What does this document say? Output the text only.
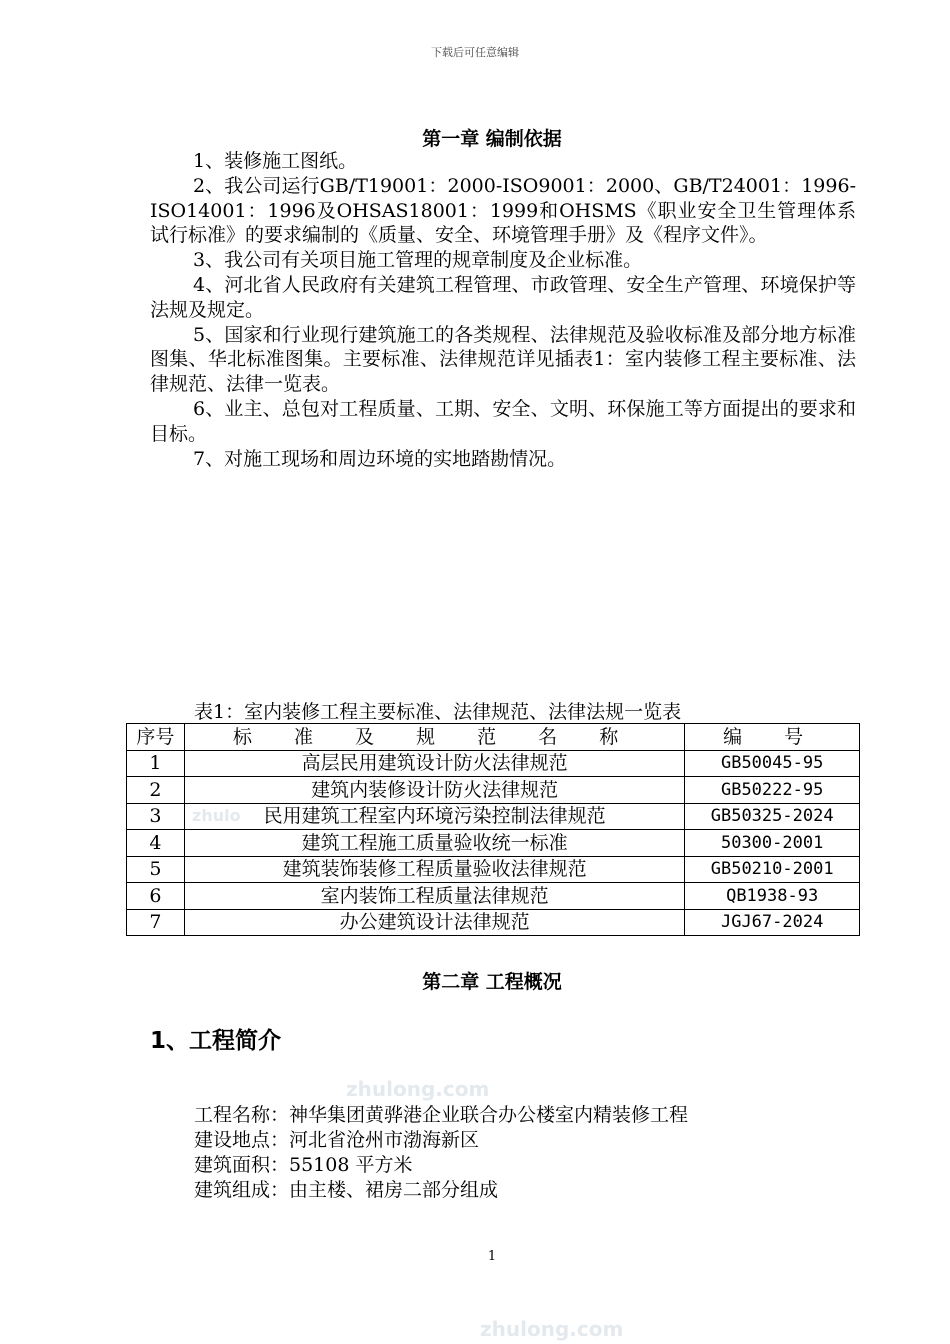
下载后可任意编辑
第一章 编制依据

1、装修施工图纸。

2、我公司运行GB/T19001：2000-ISO9001：2000、GB/T24001：1996-ISO14001：1996及OHSAS18001：1999和OHSMS《职业安全卫生管理体系试行标准》的要求编制的《质量、安全、环境管理手册》及《程序文件》。

3、我公司有关项目施工管理的规章制度及企业标准。

4、河北省人民政府有关建筑工程管理、市政管理、安全生产管理、环境保护等法规及规定。

5、国家和行业现行建筑施工的各类规程、法律规范及验收标准及部分地方标准图集、华北标准图集。主要标准、法律规范详见插表1：室内装修工程主要标准、法律规范、法律一览表。

6、业主、总包对工程质量、工期、安全、文明、环保施工等方面提出的要求和目标。

7、对施工现场和周边环境的实地踏勘情况。

zhulo
表1：室内装修工程主要标准、法律规范、法律法规一览表
序号	标 准 及 规 范 名 称	编 号
1	高层民用建筑设计防火法律规范	GB50045-95
2	建筑内装修设计防火法律规范	GB50222-95
3	民用建筑工程室内环境污染控制法律规范	GB50325-2024
4	建筑工程施工质量验收统一标准	50300-2001
5	建筑装饰装修工程质量验收法律规范	GB50210-2001
6	室内装饰工程质量法律规范	QB1938-93
7	办公建筑设计法律规范	JGJ67-2024
第二章 工程概况
1、工程简介
zhulong.com
工程名称：神华集团黄骅港企业联合办公楼室内精装修工程
建设地点：河北省沧州市渤海新区
建筑面积：55108 平方米
建筑组成：由主楼、裙房二部分组成
1
zhulong.com
